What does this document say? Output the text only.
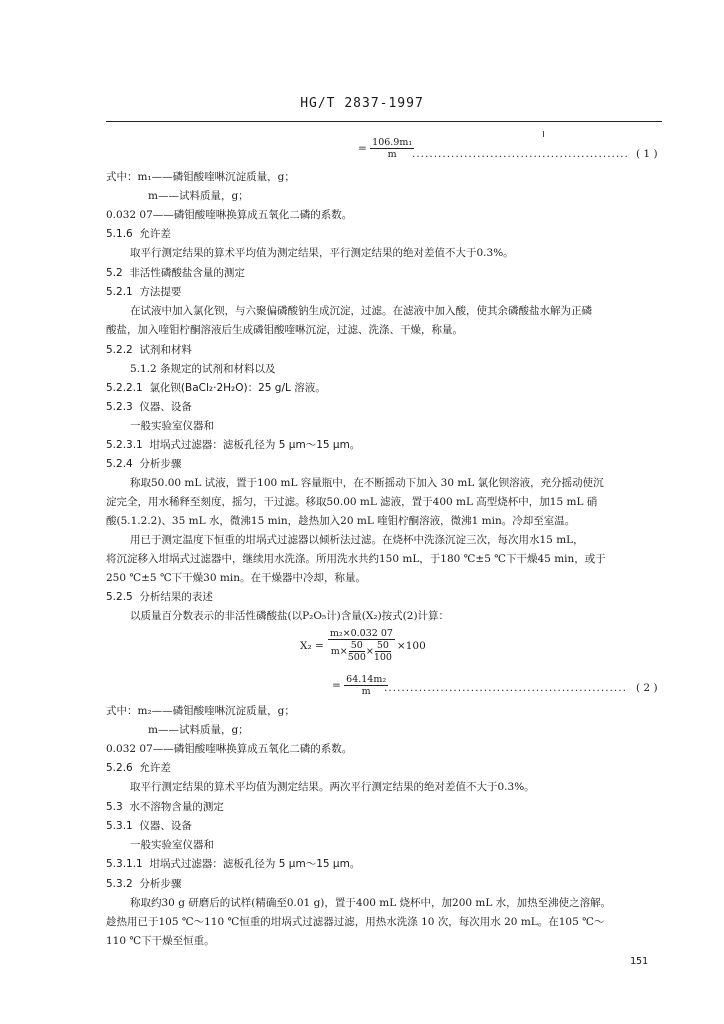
HG/T 2837-1997
= $\frac{\text{106.9m₁}}{m}$
.................................................. ( 1 )
式中：m₁——磷钼酸喹啉沉淀质量，g；
m——试料质量，g；
0.032 07——磷钼酸喹啉换算成五氧化二磷的系数。
5.1.6 允许差
取平行测定结果的算术平均值为测定结果，平行测定结果的绝对差值不大于0.3%。
5.2 非活性磷酸盐含量的测定
5.2.1 方法提要
在试液中加入氯化钡，与六聚偏磷酸钠生成沉淀，过滤。在滤液中加入酸，使其余磷酸盐水解为正磷
酸盐，加入喹钼柠酮溶液后生成磷钼酸喹啉沉淀，过滤、洗涤、干燥，称量。
5.2.2 试剂和材料
5.1.2 条规定的试剂和材料以及
5.2.2.1 氯化钡(BaCl₂·2H₂O)：25 g/L 溶液。
5.2.3 仪器、设备
一般实验室仪器和
5.2.3.1 坩埚式过滤器：滤板孔径为 5 μm～15 μm。
5.2.4 分析步骤
称取50.00 mL 试液，置于100 mL 容量瓶中，在不断摇动下加入 30 mL 氯化钡溶液，充分摇动使沉
淀完全，用水稀释至刻度，摇匀，干过滤。移取50.00 mL 滤液，置于400 mL 高型烧杯中，加15 mL 硝
酸(5.1.2.2)、35 mL 水，微沸15 min，趁热加入20 mL 喹钼柠酮溶液，微沸1 min。冷却至室温。
用已于测定温度下恒重的坩埚式过滤器以倾析法过滤。在烧杯中洗涤沉淀三次，每次用水15 mL，
将沉淀移入坩埚式过滤器中，继续用水洗涤。所用洗水共约150 mL，于180 ℃±5 ℃下干燥45 min，或于
250 ℃±5 ℃下干燥30 min。在干燥器中冷却，称量。
5.2.5 分析结果的表述
以质量百分数表示的非活性磷酸盐(以P₂O₅计)含量(X₂)按式(2)计算：
X₂ =
m₂×0.032 07
$m\times \frac{50}{500} \times \frac{50}{100} \times 100$
= $\frac{\text{64.14m₂}}{m}$
........................................................ ( 2 )
式中：m₂——磷钼酸喹啉沉淀质量，g；
m——试料质量，g；
0.032 07——磷钼酸喹啉换算成五氧化二磷的系数。
5.2.6 允许差
取平行测定结果的算术平均值为测定结果。两次平行测定结果的绝对差值不大于0.3%。
5.3 水不溶物含量的测定
5.3.1 仪器、设备
一般实验室仪器和
5.3.1.1 坩埚式过滤器：滤板孔径为 5 μm～15 μm。
5.3.2 分析步骤
称取约30 g 研磨后的试样(精确至0.01 g)，置于400 mL 烧杯中，加200 mL 水，加热至沸使之溶解。
趁热用已于105 ℃～110 ℃恒重的坩埚式过滤器过滤，用热水洗涤 10 次，每次用水 20 mL。在105 ℃～
110 ℃下干燥至恒重。
151
